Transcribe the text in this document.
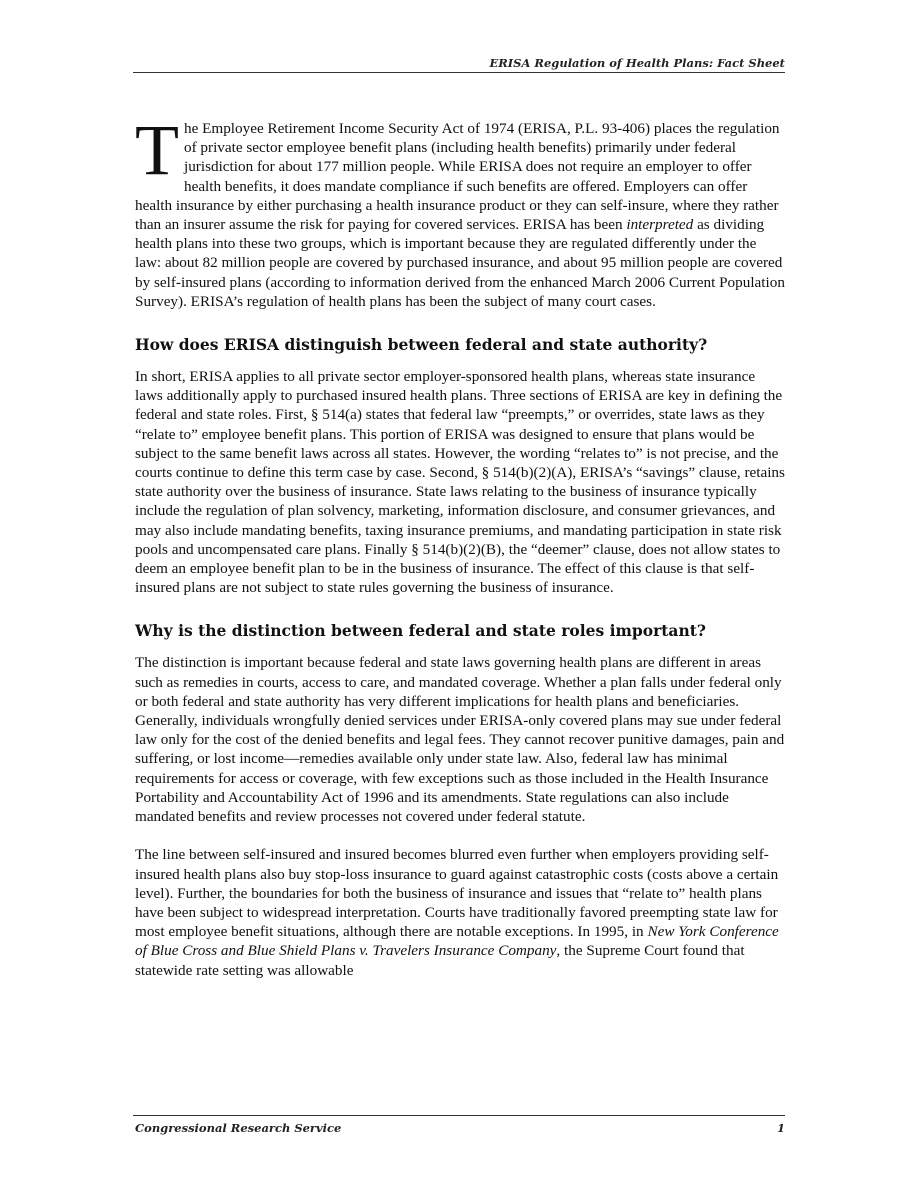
ERISA Regulation of Health Plans: Fact Sheet

The Employee Retirement Income Security Act of 1974 (ERISA, P.L. 93-406) places the regulation of private sector employee benefit plans (including health benefits) primarily under federal jurisdiction for about 177 million people. While ERISA does not require an employer to offer health benefits, it does mandate compliance if such benefits are offered. Employers can offer health insurance by either purchasing a health insurance product or they can self-insure, where they rather than an insurer assume the risk for paying for covered services. ERISA has been interpreted as dividing health plans into these two groups, which is important because they are regulated differently under the law: about 82 million people are covered by purchased insurance, and about 95 million people are covered by self-insured plans (according to information derived from the enhanced March 2006 Current Population Survey). ERISA’s regulation of health plans has been the subject of many court cases.

How does ERISA distinguish between federal and state authority?

In short, ERISA applies to all private sector employer-sponsored health plans, whereas state insurance laws additionally apply to purchased insured health plans. Three sections of ERISA are key in defining the federal and state roles. First, § 514(a) states that federal law “preempts,” or overrides, state laws as they “relate to” employee benefit plans. This portion of ERISA was designed to ensure that plans would be subject to the same benefit laws across all states. However, the wording “relates to” is not precise, and the courts continue to define this term case by case. Second, § 514(b)(2)(A), ERISA’s “savings” clause, retains state authority over the business of insurance. State laws relating to the business of insurance typically include the regulation of plan solvency, marketing, information disclosure, and consumer grievances, and may also include mandating benefits, taxing insurance premiums, and mandating participation in state risk pools and uncompensated care plans. Finally § 514(b)(2)(B), the “deemer” clause, does not allow states to deem an employee benefit plan to be in the business of insurance. The effect of this clause is that self-insured plans are not subject to state rules governing the business of insurance.

Why is the distinction between federal and state roles important?

The distinction is important because federal and state laws governing health plans are different in areas such as remedies in courts, access to care, and mandated coverage. Whether a plan falls under federal only or both federal and state authority has very different implications for health plans and beneficiaries. Generally, individuals wrongfully denied services under ERISA-only covered plans may sue under federal law only for the cost of the denied benefits and legal fees. They cannot recover punitive damages, pain and suffering, or lost income—remedies available only under state law. Also, federal law has minimal requirements for access or coverage, with few exceptions such as those included in the Health Insurance Portability and Accountability Act of 1996 and its amendments. State regulations can also include mandated benefits and review processes not covered under federal statute.

The line between self-insured and insured becomes blurred even further when employers providing self-insured health plans also buy stop-loss insurance to guard against catastrophic costs (costs above a certain level). Further, the boundaries for both the business of insurance and issues that “relate to” health plans have been subject to widespread interpretation. Courts have traditionally favored preempting state law for most employee benefit situations, although there are notable exceptions. In 1995, in New York Conference of Blue Cross and Blue Shield Plans v. Travelers Insurance Company, the Supreme Court found that statewide rate setting was allowable

Congressional Research Service	1
